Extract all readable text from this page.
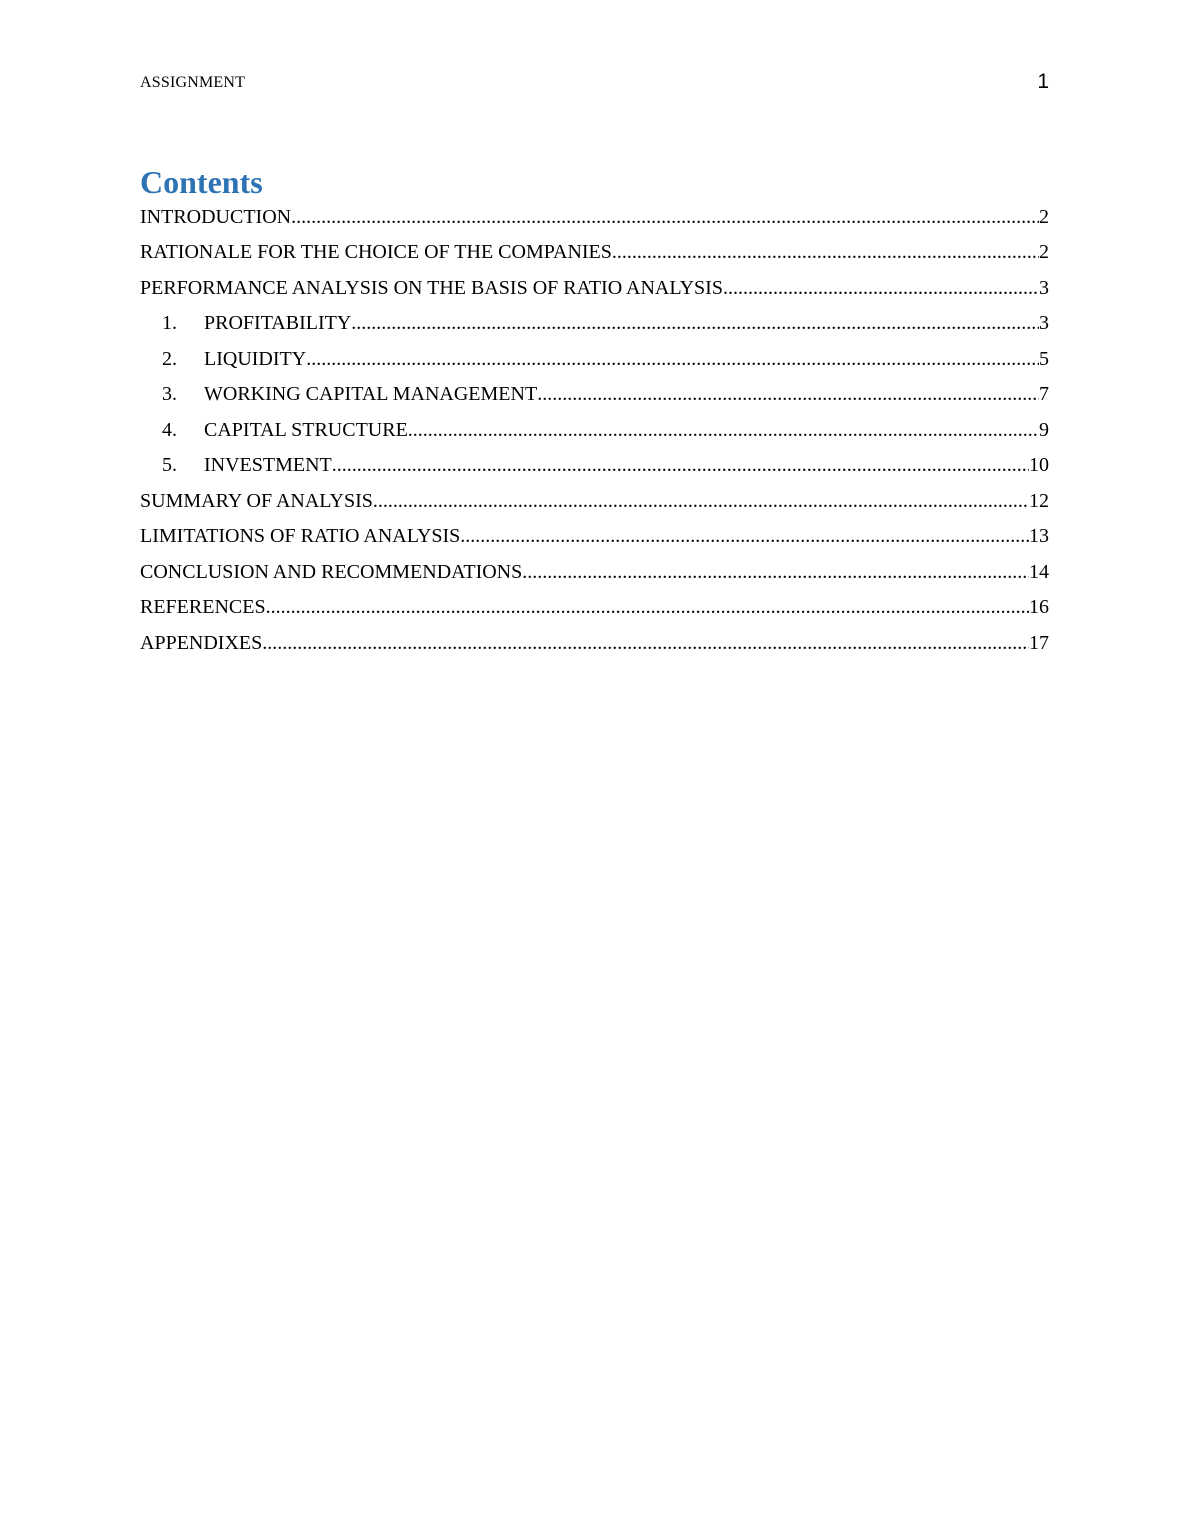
ASSIGNMENT	1
Contents
INTRODUCTION .....	2
RATIONALE FOR THE CHOICE OF THE COMPANIES .....	2
PERFORMANCE ANALYSIS ON THE BASIS OF RATIO ANALYSIS .....	3
1.	PROFITABILITY .....	3
2.	LIQUIDITY .....	5
3.	WORKING CAPITAL MANAGEMENT .....	7
4.	CAPITAL STRUCTURE .....	9
5.	INVESTMENT .....	10
SUMMARY OF ANALYSIS .....	12
LIMITATIONS OF RATIO ANALYSIS .....	13
CONCLUSION AND RECOMMENDATIONS .....	14
REFERENCES .....	16
APPENDIXES .....	17
